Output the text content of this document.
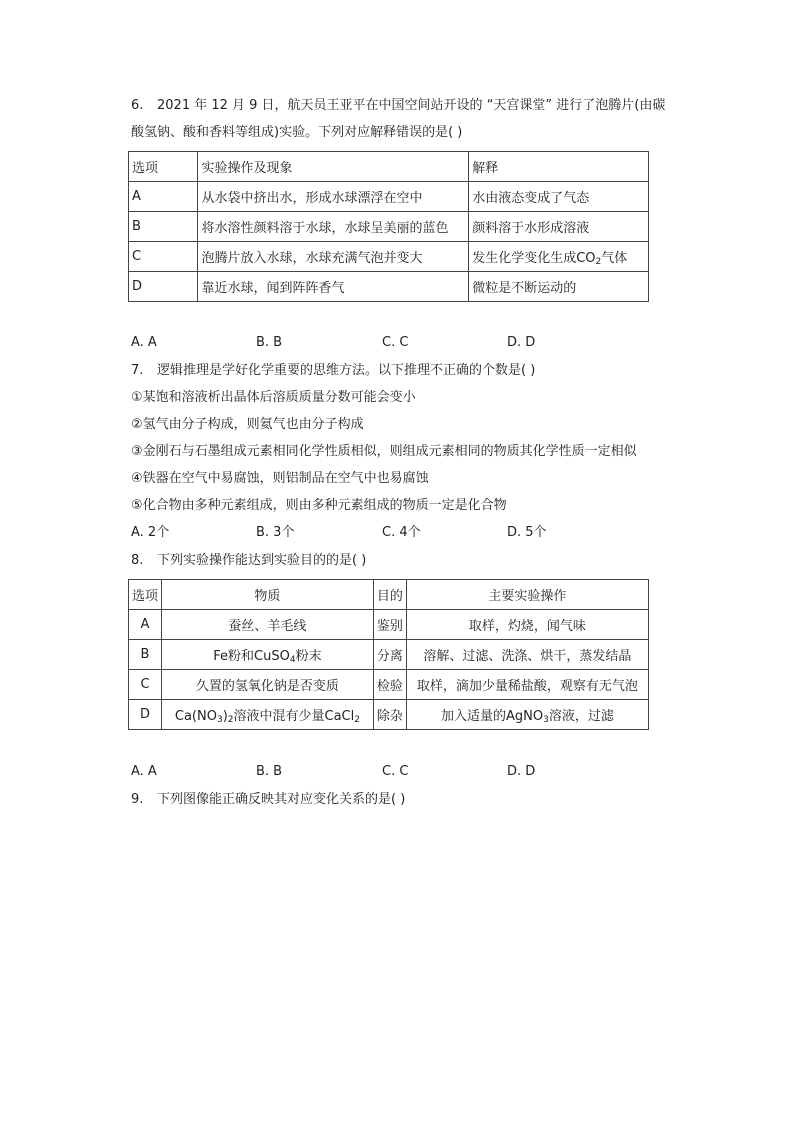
6. 2021 年 12 月 9 日，航天员王亚平在中国空间站开设的 “天宫课堂” 进行了泡腾片(由碳
酸氢钠、酸和香料等组成)实验。下列对应解释错误的是( )
选项	实验操作及现象	解释
A	从水袋中挤出水，形成水球漂浮在空中	水由液态变成了气态
B	将水溶性颜料溶于水球，水球呈美丽的蓝色	颜料溶于水形成溶液
C	泡腾片放入水球，水球充满气泡并变大	发生化学变化生成$CO_2$气体
D	靠近水球，闻到阵阵香气	微粒是不断运动的
A. A	B. B	C. C	D. D
7. 逻辑推理是学好化学重要的思维方法。以下推理不正确的个数是( )
①某饱和溶液析出晶体后溶质质量分数可能会变小
②氢气由分子构成，则氦气也由分子构成
③金刚石与石墨组成元素相同化学性质相似，则组成元素相同的物质其化学性质一定相似
④铁器在空气中易腐蚀，则铝制品在空气中也易腐蚀
⑤化合物由多种元素组成，则由多种元素组成的物质一定是化合物
A. 2个	B. 3个	C. 4个	D. 5个
8. 下列实验操作能达到实验目的的是( )
选项	物质	目的	主要实验操作
A	蚕丝、羊毛线	鉴别	取样，灼烧，闻气味
B	Fe粉和CuSO$_4$粉末	分离	溶解、过滤、洗涤、烘干，蒸发结晶
C	久置的氢氧化钠是否变质	检验	取样，滴加少量稀盐酸，观察有无气泡
D	$Ca(NO_3)_2$溶液中混有少量CaCl$_2$	除杂	加入适量的AgNO$_3$溶液，过滤
A. A	B. B	C. C	D. D
9. 下列图像能正确反映其对应变化关系的是( )
